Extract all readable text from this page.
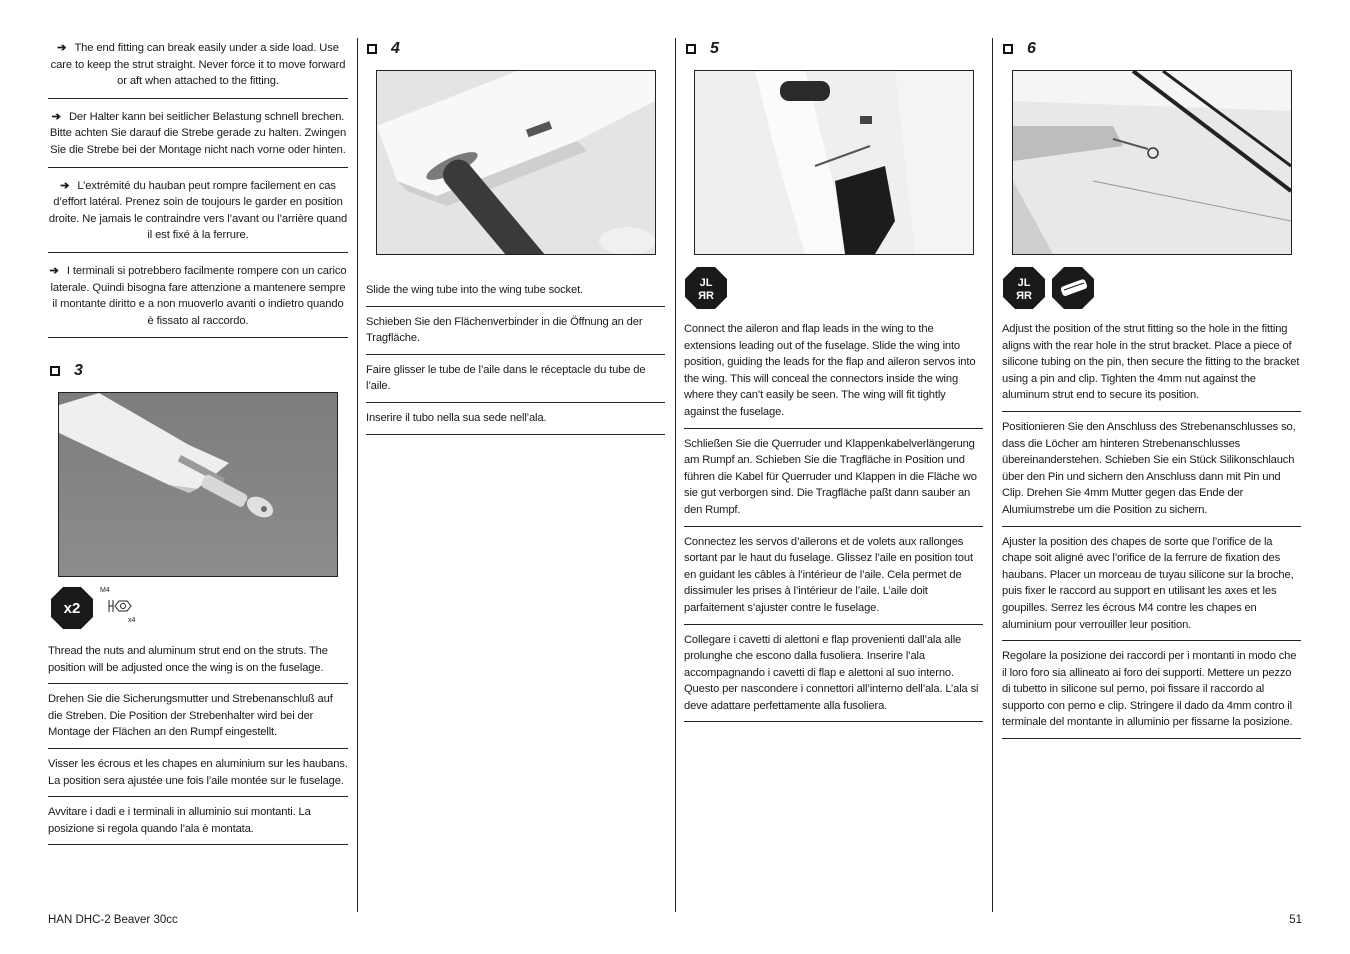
➔ The end fitting can break easily under a side load. Use care to keep the strut straight. Never force it to move forward or aft when attached to the fitting.
➔ Der Halter kann bei seitlicher Belastung schnell brechen. Bitte achten Sie darauf die Strebe gerade zu halten. Zwingen Sie die Strebe bei der Montage nicht nach vorne oder hinten.
➔ L’extrémité du hauban peut rompre facilement en cas d’effort latéral. Prenez soin de toujours le garder en position droite. Ne jamais le contraindre vers l’avant ou l’arrière quand il est fixé à la ferrure.
➔ I terminali si potrebbero facilmente rompere con un carico laterale. Quindi bisogna fare attenzione a mantenere sempre il montante diritto e a non muoverlo avanti o indietro quando è fissato al raccordo.
3
x2
M4
x4
Thread the nuts and aluminum strut end on the struts. The position will be adjusted once the wing is on the fuselage.
Drehen Sie die Sicherungsmutter und Strebenanschluß auf die Streben. Die Position der Strebenhalter wird bei der Montage der Flächen an den Rumpf eingestellt.
Visser les écrous et les chapes en aluminium sur les haubans. La position sera ajustée une fois l’aile montée sur le fuselage.
Avvitare i dadi e i terminali in alluminio sui montanti. La posizione si regola quando l’ala è montata.
4
Slide the wing tube into the wing tube socket.
Schieben Sie den Flächenverbinder in die Öffnung an der Tragfläche.
Faire glisser le tube de l’aile dans le réceptacle du tube de l’aile.
Inserire il tubo nella sua sede nell’ala.
5
JL
ЯR
Connect the aileron and flap leads in the wing to the extensions leading out of the fuselage. Slide the wing into position, guiding the leads for the flap and aileron servos into the wing. This will conceal the connectors inside the wing where they can’t easily be seen. The wing will fit tightly against the fuselage.
Schließen Sie die Querruder und Klappenkabelverlängerung am Rumpf an. Schieben Sie die Tragfläche in Position und führen die Kabel für Querruder und Klappen in die Fläche wo sie gut verborgen sind. Die Tragfläche paßt dann sauber an den Rumpf.
Connectez les servos d’ailerons et de volets aux rallonges sortant par le haut du fuselage. Glissez l’aile en position tout en guidant les câbles à l’intérieur de l’aile. Cela permet de dissimuler les prises à l’intérieur de l’aile. L’aile doit parfaitement s’ajuster contre le fuselage.
Collegare i cavetti di alettoni e flap provenienti dall’ala alle prolunghe che escono dalla fusoliera. Inserire l’ala accompagnando i cavetti di flap e alettoni al suo interno. Questo per nascondere i connettori all’interno dell’ala. L’ala si deve adattare perfettamente alla fusoliera.
6
JL
ЯR
Adjust the position of the strut fitting so the hole in the fitting aligns with the rear hole in the strut bracket. Place a piece of silicone tubing on the pin, then secure the fitting to the bracket using a pin and clip. Tighten the 4mm nut against the aluminum strut end to secure its position.
Positionieren Sie den Anschluss des Strebenanschlusses so, dass die Löcher am hinteren Strebenanschlusses übereinanderstehen. Schieben Sie ein Stück Silikonschlauch über den Pin und sichern den Anschluss dann mit Pin und Clip. Drehen Sie 4mm Mutter gegen das Ende der Alumiumstrebe um die Position zu sichern.
Ajuster la position des chapes de sorte que l’orifice de la chape soit aligné avec l’orifice de la ferrure de fixation des haubans. Placer un morceau de tuyau silicone sur la broche, puis fixer le raccord au support en utilisant les axes et les goupilles. Serrez les écrous M4 contre les chapes en aluminium pour verrouiller leur position.
Regolare la posizione dei raccordi per i montanti in modo che il loro foro sia allineato ai foro dei supporti. Mettere un pezzo di tubetto in silicone sul perno, poi fissare il raccordo al supporto con perno e clip. Stringere il dado da 4mm contro il terminale del montante in alluminio per fissarne la posizione.
HAN DHC-2 Beaver 30cc	51
